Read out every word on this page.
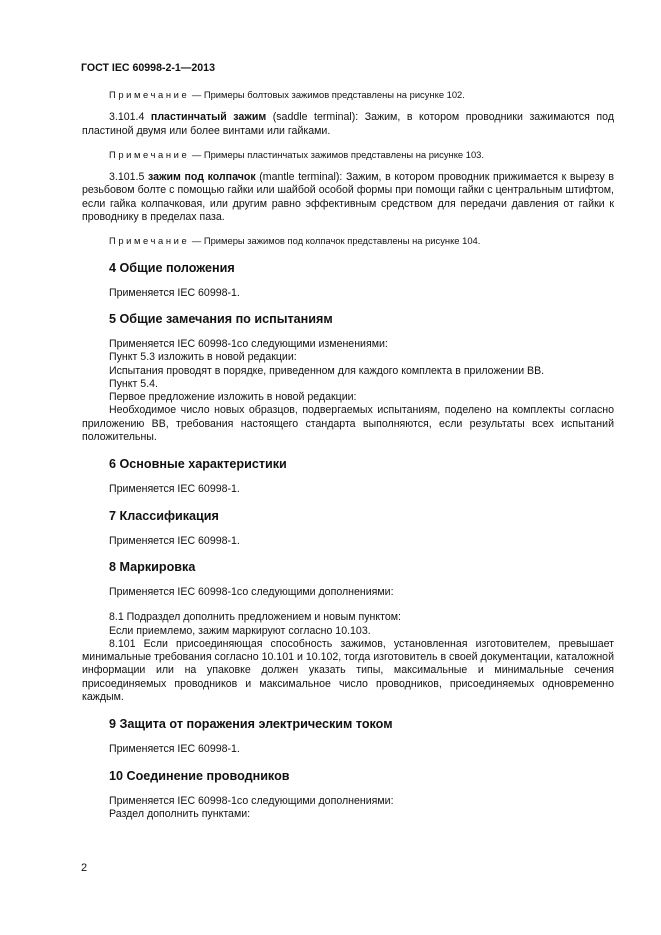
ГОСТ IEC 60998-2-1—2013

Примечание — Примеры болтовых зажимов представлены на рисунке 102.

3.101.4 пластинчатый зажим (saddle terminal): Зажим, в котором проводники зажимаются под пластиной двумя или более винтами или гайками.

Примечание — Примеры пластинчатых зажимов представлены на рисунке 103.

3.101.5 зажим под колпачок (mantle terminal): Зажим, в котором проводник прижимается к вырезу в резьбовом болте с помощью гайки или шайбой особой формы при помощи гайки с центральным штифтом, если гайка колпачковая, или другим равно эффективным средством для передачи давления от гайки к проводнику в пределах паза.

Примечание — Примеры зажимов под колпачок представлены на рисунке 104.

4 Общие положения

Применяется IEC 60998-1.

5 Общие замечания по испытаниям

Применяется IEC 60998-1со следующими изменениями:

Пункт 5.3 изложить в новой редакции:

Испытания проводят в порядке, приведенном для каждого комплекта в приложении ВВ.

Пункт 5.4.

Первое предложение изложить в новой редакции:

Необходимое число новых образцов, подвергаемых испытаниям, поделено на комплекты согласно приложению ВВ, требования настоящего стандарта выполняются, если результаты всех испытаний положительны.

6 Основные характеристики

Применяется IEC 60998-1.

7 Классификация

Применяется IEC 60998-1.

8 Маркировка

Применяется IEC 60998-1со следующими дополнениями:

8.1 Подраздел дополнить предложением и новым пунктом:

Если приемлемо, зажим маркируют согласно 10.103.

8.101 Если присоединяющая способность зажимов, установленная изготовителем, превышает минимальные требования согласно 10.101 и 10.102, тогда изготовитель в своей документации, каталожной информации или на упаковке должен указать типы, максимальные и минимальные сечения присоединяемых проводников и максимальное число проводников, присоединяемых одновременно каждым.

9 Защита от поражения электрическим током

Применяется IEC 60998-1.

10 Соединение проводников

Применяется IEC 60998-1со следующими дополнениями:

Раздел дополнить пунктами:

2
